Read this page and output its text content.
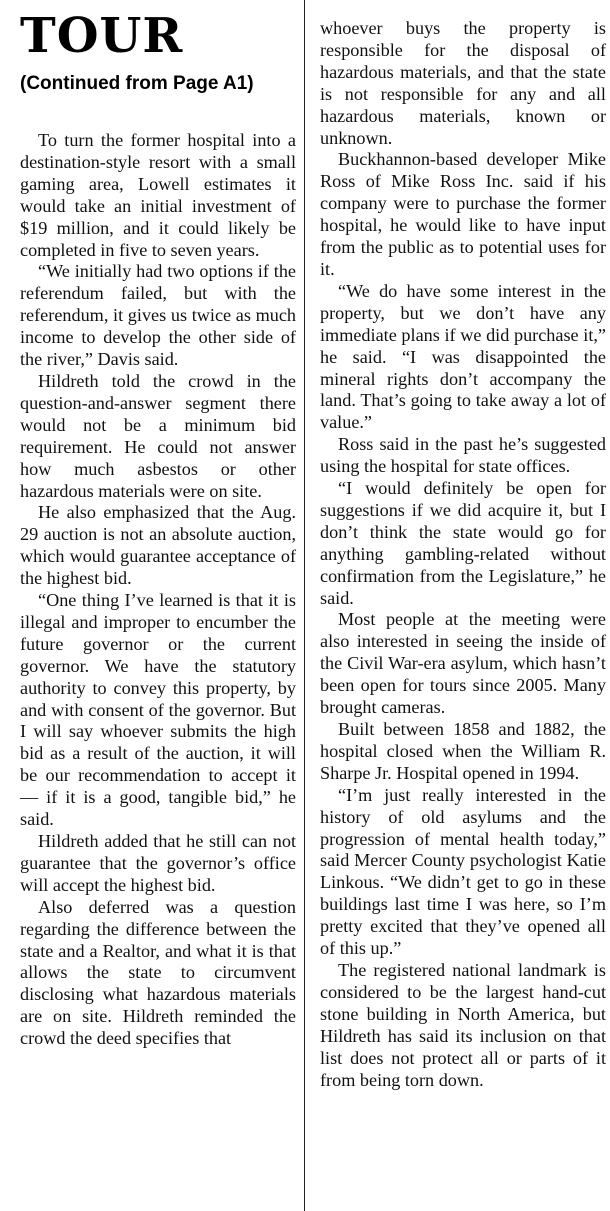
TOUR
(Continued from Page A1)

To turn the former hospital into a destination-style resort with a small gaming area, Lowell estimates it would take an initial investment of $19 million, and it could likely be completed in five to seven years.

“We initially had two options if the referendum failed, but with the referendum, it gives us twice as much income to develop the other side of the river,” Davis said.

Hildreth told the crowd in the question-and-answer segment there would not be a minimum bid requirement. He could not answer how much asbestos or other hazardous materials were on site.

He also emphasized that the Aug. 29 auction is not an absolute auction, which would guarantee acceptance of the highest bid.

“One thing I’ve learned is that it is illegal and improper to encumber the future governor or the current governor. We have the statutory authority to convey this property, by and with consent of the governor. But I will say whoever submits the high bid as a result of the auction, it will be our recommendation to accept it — if it is a good, tangible bid,” he said.

Hildreth added that he still can not guarantee that the governor’s office will accept the highest bid.

Also deferred was a question regarding the difference between the state and a Realtor, and what it is that allows the state to circumvent disclosing what hazardous materials are on site. Hildreth reminded the crowd the deed specifies that

whoever buys the property is responsible for the disposal of hazardous materials, and that the state is not responsible for any and all hazardous materials, known or unknown.

Buckhannon-based developer Mike Ross of Mike Ross Inc. said if his company were to purchase the former hospital, he would like to have input from the public as to potential uses for it.

“We do have some interest in the property, but we don’t have any immediate plans if we did purchase it,” he said. “I was disappointed the mineral rights don’t accompany the land. That’s going to take away a lot of value.”

Ross said in the past he’s suggested using the hospital for state offices.

“I would definitely be open for suggestions if we did acquire it, but I don’t think the state would go for anything gambling-related without confirmation from the Legislature,” he said.

Most people at the meeting were also interested in seeing the inside of the Civil War-era asylum, which hasn’t been open for tours since 2005. Many brought cameras.

Built between 1858 and 1882, the hospital closed when the William R. Sharpe Jr. Hospital opened in 1994.

“I’m just really interested in the history of old asylums and the progression of mental health today,” said Mercer County psychologist Katie Linkous. “We didn’t get to go in these buildings last time I was here, so I’m pretty excited that they’ve opened all of this up.”

The registered national landmark is considered to be the largest hand-cut stone building in North America, but Hildreth has said its inclusion on that list does not protect all or parts of it from being torn down.
